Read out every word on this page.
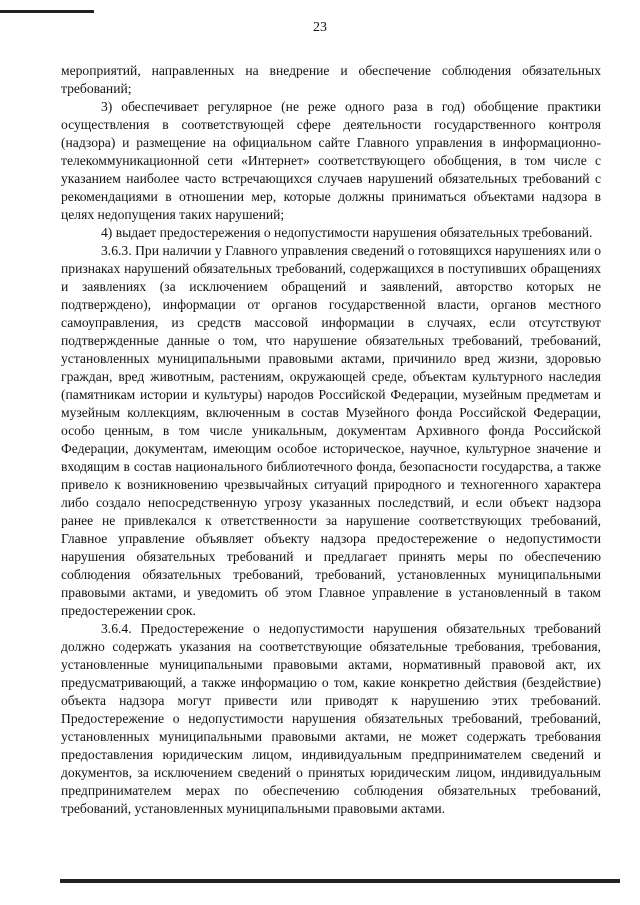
23

мероприятий, направленных на внедрение и обеспечение соблюдения обязательных требований;

3) обеспечивает регулярное (не реже одного раза в год) обобщение практики осуществления в соответствующей сфере деятельности государственного контроля (надзора) и размещение на официальном сайте Главного управления в информационно-телекоммуникационной сети «Интернет» соответствующего обобщения, в том числе с указанием наиболее часто встречающихся случаев нарушений обязательных требований с рекомендациями в отношении мер, которые должны приниматься объектами надзора в целях недопущения таких нарушений;

4) выдает предостережения о недопустимости нарушения обязательных требований.

3.6.3. При наличии у Главного управления сведений о готовящихся нарушениях или о признаках нарушений обязательных требований, содержащихся в поступивших обращениях и заявлениях (за исключением обращений и заявлений, авторство которых не подтверждено), информации от органов государственной власти, органов местного самоуправления, из средств массовой информации в случаях, если отсутствуют подтвержденные данные о том, что нарушение обязательных требований, требований, установленных муниципальными правовыми актами, причинило вред жизни, здоровью граждан, вред животным, растениям, окружающей среде, объектам культурного наследия (памятникам истории и культуры) народов Российской Федерации, музейным предметам и музейным коллекциям, включенным в состав Музейного фонда Российской Федерации, особо ценным, в том числе уникальным, документам Архивного фонда Российской Федерации, документам, имеющим особое историческое, научное, культурное значение и входящим в состав национального библиотечного фонда, безопасности государства, а также привело к возникновению чрезвычайных ситуаций природного и техногенного характера либо создало непосредственную угрозу указанных последствий, и если объект надзора ранее не привлекался к ответственности за нарушение соответствующих требований, Главное управление объявляет объекту надзора предостережение о недопустимости нарушения обязательных требований и предлагает принять меры по обеспечению соблюдения обязательных требований, требований, установленных муниципальными правовыми актами, и уведомить об этом Главное управление в установленный в таком предостережении срок.

3.6.4. Предостережение о недопустимости нарушения обязательных требований должно содержать указания на соответствующие обязательные требования, требования, установленные муниципальными правовыми актами, нормативный правовой акт, их предусматривающий, а также информацию о том, какие конкретно действия (бездействие) объекта надзора могут привести или приводят к нарушению этих требований. Предостережение о недопустимости нарушения обязательных требований, требований, установленных муниципальными правовыми актами, не может содержать требования предоставления юридическим лицом, индивидуальным предпринимателем сведений и документов, за исключением сведений о принятых юридическим лицом, индивидуальным предпринимателем мерах по обеспечению соблюдения обязательных требований, требований, установленных муниципальными правовыми актами.
